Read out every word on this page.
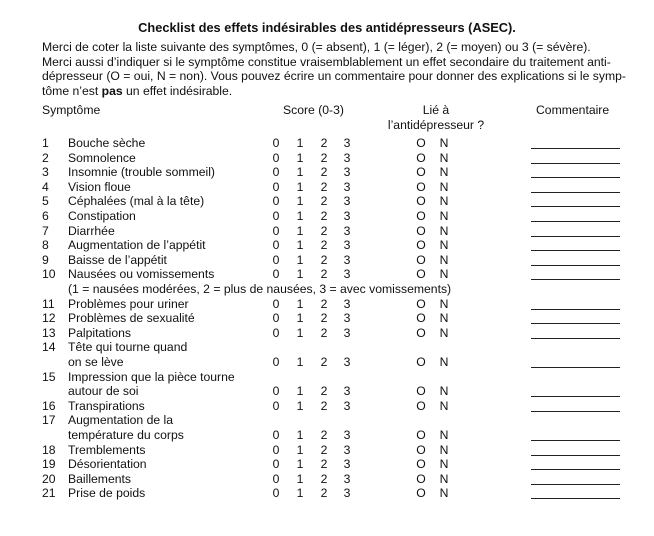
Checklist des effets indésirables des antidépresseurs (ASEC).
Merci de coter la liste suivante des symptômes, 0 (= absent), 1 (= léger), 2 (= moyen) ou 3 (= sévère).
Merci aussi d’indiquer si le symptôme constitue vraisemblablement un effet secondaire du traitement anti-
dépresseur (O = oui, N = non). Vous pouvez écrire un commentaire pour donner des explications si le symp-
tôme n’est pas un effet indésirable.
Symptôme	Score (0-3)	Lié à
l’antidépresseur ?
Commentaire
1 Bouche sèche	0 1 2 3	O N
2 Somnolence	0 1 2 3	O N
3 Insomnie (trouble sommeil)	0 1 2 3	O N
4 Vision floue	0 1 2 3	O N
5 Céphalées (mal à la tête)	0 1 2 3	O N
6 Constipation	0 1 2 3	O N
7 Diarrhée	0 1 2 3	O N
8 Augmentation de l’appétit	0 1 2 3	O N
9 Baisse de l’appétit	0 1 2 3	O N
10 Nausées ou vomissements	0 1 2 3	O N
(1 = nausées modérées, 2 = plus de nausées, 3 = avec vomissements)
11 Problèmes pour uriner	0 1 2 3	O N
12 Problèmes de sexualité	0 1 2 3	O N
13 Palpitations	0 1 2 3	O N
14 Tête qui tourne quand
on se lève	0 1 2 3	O N
15 Impression que la pièce tourne
autour de soi	0 1 2 3	O N
16 Transpirations	0 1 2 3	O N
17 Augmentation de la
température du corps	0 1 2 3	O N
18 Tremblements	0 1 2 3	O N
19 Désorientation	0 1 2 3	O N
20 Baillements	0 1 2 3	O N
21 Prise de poids	0 1 2 3	O N
